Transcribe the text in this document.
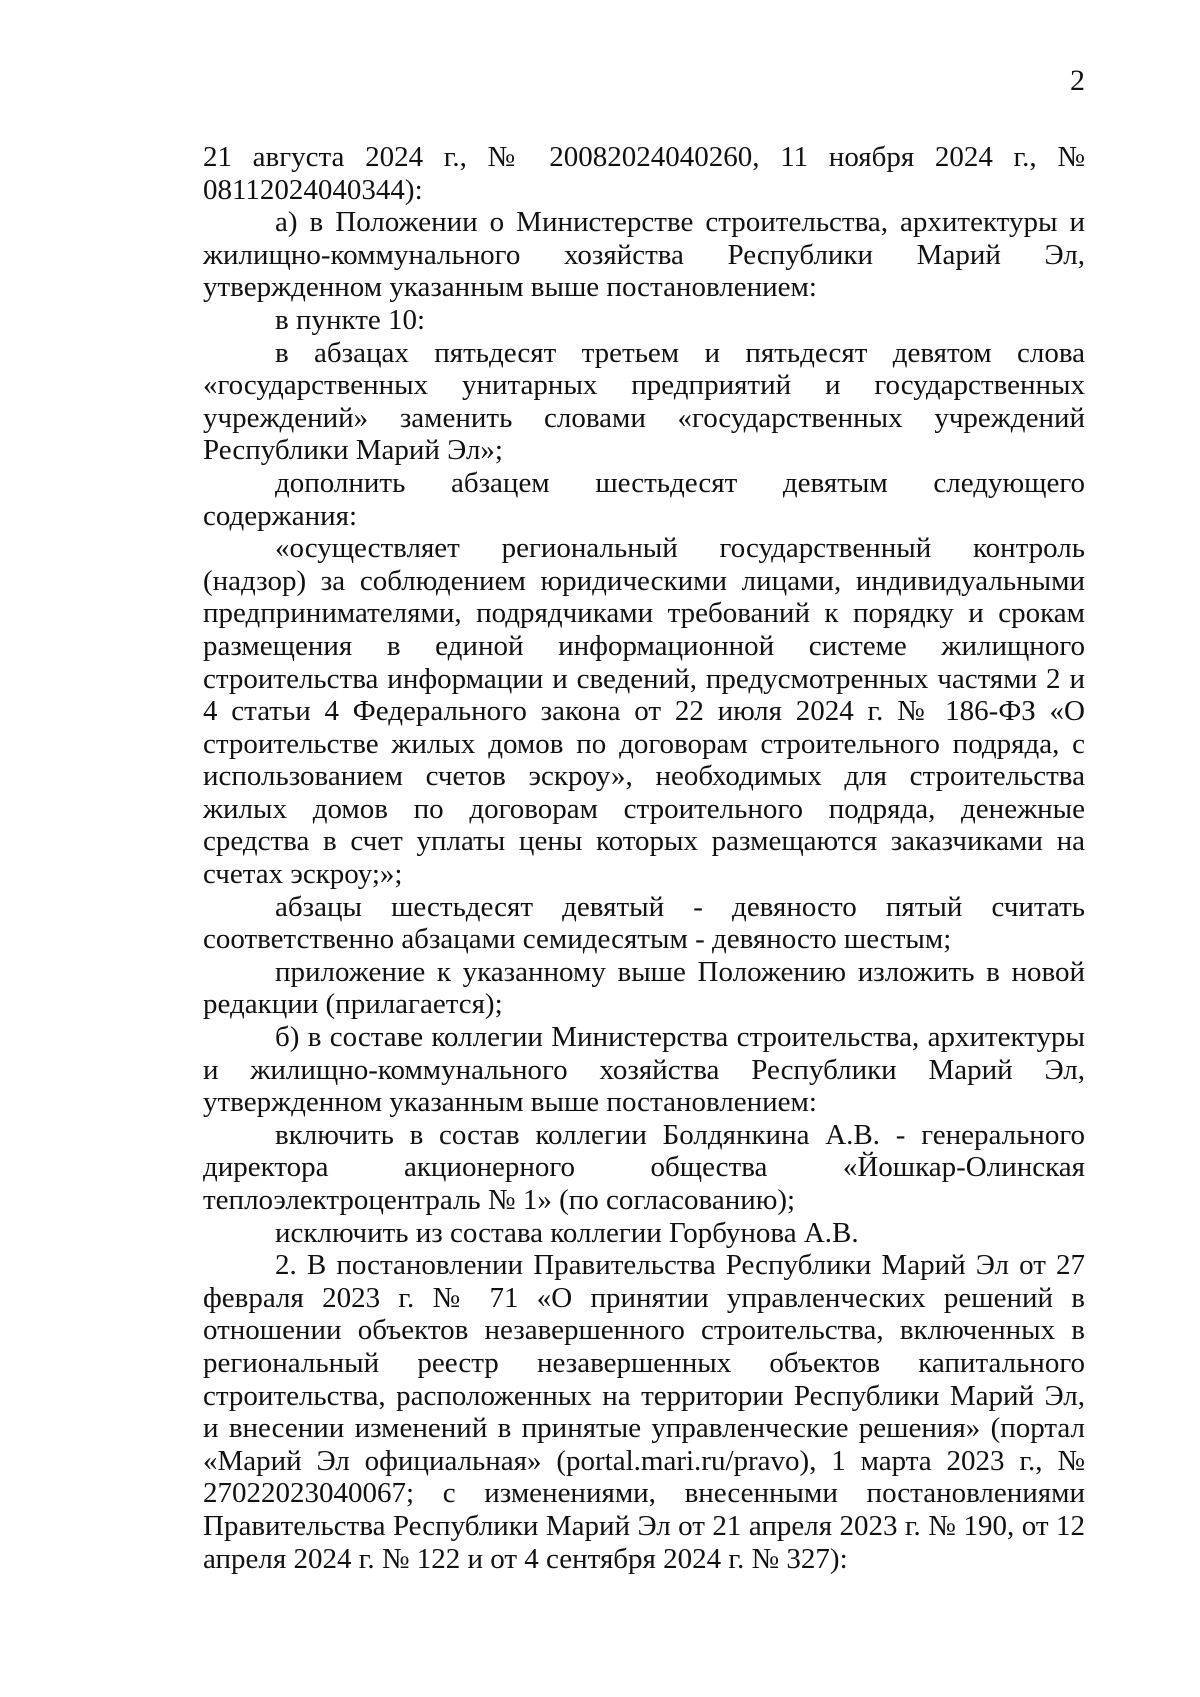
2

21 августа 2024 г., № 20082024040260, 11 ноября 2024 г., № 08112024040344):

а) в Положении о Министерстве строительства, архитектуры и жилищно-коммунального хозяйства Республики Марий Эл, утвержденном указанным выше постановлением:

в пункте 10:

в абзацах пятьдесят третьем и пятьдесят девятом слова «государственных унитарных предприятий и государственных учреждений» заменить словами «государственных учреждений Республики Марий Эл»;

дополнить абзацем шестьдесят девятым следующего содержания:

«осуществляет региональный государственный контроль (надзор) за соблюдением юридическими лицами, индивидуальными предпринимателями, подрядчиками требований к порядку и срокам размещения в единой информационной системе жилищного строительства информации и сведений, предусмотренных частями 2 и 4 статьи 4 Федерального закона от 22 июля 2024 г. № 186-ФЗ «О строительстве жилых домов по договорам строительного подряда, с использованием счетов эскроу», необходимых для строительства жилых домов по договорам строительного подряда, денежные средства в счет уплаты цены которых размещаются заказчиками на счетах эскроу;»;

абзацы шестьдесят девятый - девяносто пятый считать соответственно абзацами семидесятым - девяносто шестым;

приложение к указанному выше Положению изложить в новой редакции (прилагается);

б) в составе коллегии Министерства строительства, архитектуры и жилищно-коммунального хозяйства Республики Марий Эл, утвержденном указанным выше постановлением:

включить в состав коллегии Болдянкина А.В. - генерального директора акционерного общества «Йошкар-Олинская теплоэлектроцентраль № 1» (по согласованию);

исключить из состава коллегии Горбунова А.В.

2. В постановлении Правительства Республики Марий Эл от 27 февраля 2023 г. № 71 «О принятии управленческих решений в отношении объектов незавершенного строительства, включенных в региональный реестр незавершенных объектов капитального строительства, расположенных на территории Республики Марий Эл, и внесении изменений в принятые управленческие решения» (портал «Марий Эл официальная» (portal.mari.ru/pravo), 1 марта 2023 г., № 27022023040067; с изменениями, внесенными постановлениями Правительства Республики Марий Эл от 21 апреля 2023 г. № 190, от 12 апреля 2024 г. № 122 и от 4 сентября 2024 г. № 327):
